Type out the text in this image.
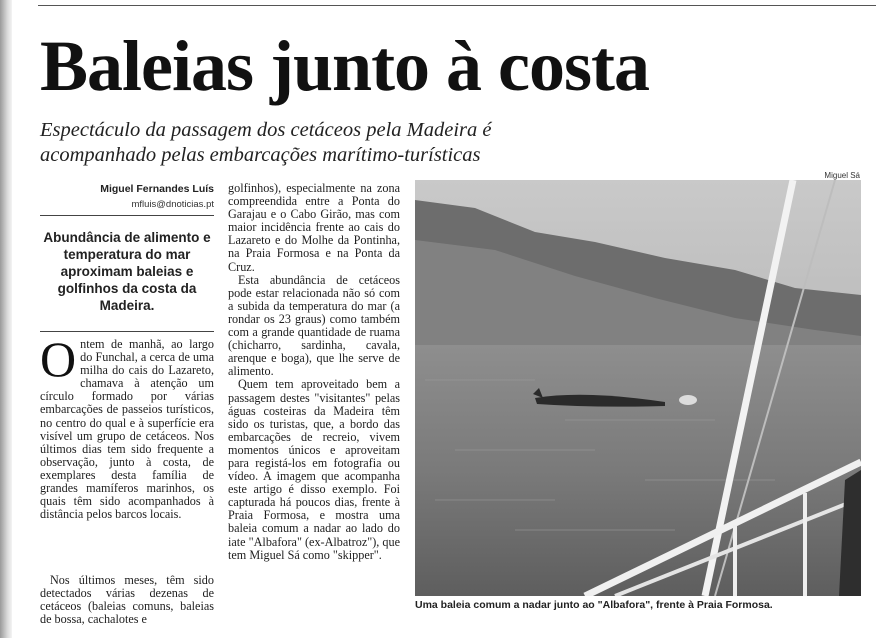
Baleias junto à costa
Espectáculo da passagem dos cetáceos pela Madeira é
acompanhado pelas embarcações marítimo-turísticas
Miguel Fernandes Luís
mfluis@dnoticias.pt
Abundância de alimento e temperatura do mar aproximam baleias e golfinhos da costa da Madeira.
Ontem de manhã, ao largo do Funchal, a cerca de uma milha do cais do Lazareto, chamava à atenção um círculo formado por várias embarcações de passeios turísticos, no centro do qual e à superfície era visível um grupo de cetáceos. Nos últimos dias tem sido frequente a observação, junto à costa, de exemplares desta família de grandes mamíferos marinhos, os quais têm sido acompanhados à distância pelos barcos locais.
Nos últimos meses, têm sido detectados várias dezenas de cetáceos (baleias comuns, baleias de bossa, cachalotes e

golfinhos), especialmente na zona compreendida entre a Ponta do Garajau e o Cabo Girão, mas com maior incidência frente ao cais do Lazareto e do Molhe da Pontinha, na Praia Formosa e na Ponta da Cruz.

Esta abundância de cetáceos pode estar relacionada não só com a subida da temperatura do mar (a rondar os 23 graus) como também com a grande quantidade de ruama (chicharro, sardinha, cavala, arenque e boga), que lhe serve de alimento.

Quem tem aproveitado bem a passagem destes "visitantes" pelas águas costeiras da Madeira têm sido os turistas, que, a bordo das embarcações de recreio, vivem momentos únicos e aproveitam para registá-los em fotografia ou vídeo. A imagem que acompanha este artigo é disso exemplo. Foi capturada há poucos dias, frente à Praia Formosa, e mostra uma baleia comum a nadar ao lado do iate "Albafora" (ex-Albatroz"), que tem Miguel Sá como "skipper".

Miguel Sá
Uma baleia comum a nadar junto ao "Albafora", frente à Praia Formosa.
